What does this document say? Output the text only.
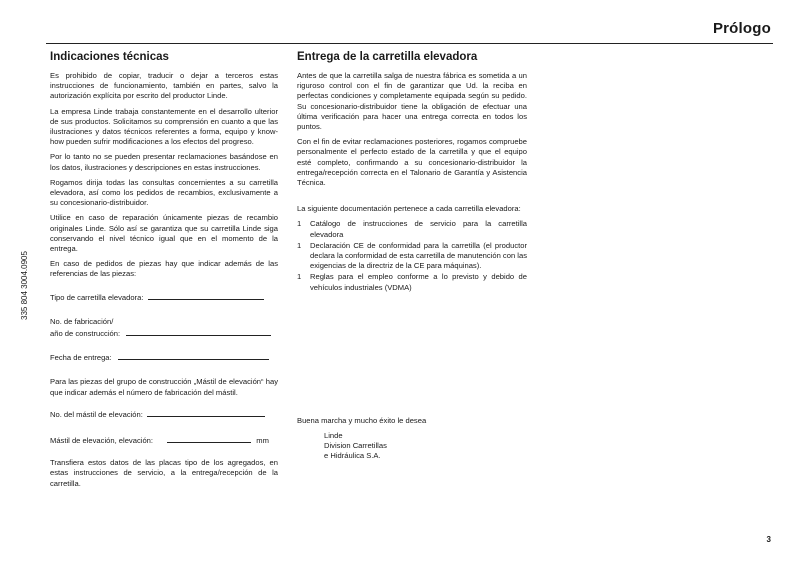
Prólogo
335 804 3004.0905
Indicaciones técnicas

Es prohibido de copiar, traducir o dejar a terceros estas instrucciones de funcionamiento, también en partes, salvo la autorización explícita por escrito del productor Linde.

La empresa Linde trabaja constantemente en el desarrollo ulterior de sus productos. Solicitamos su comprensión en cuanto a que las ilustraciones y datos técnicos referentes a forma, equipo y know-how pueden sufrir modificaciones a los efectos del progreso.

Por lo tanto no se pueden presentar reclamaciones basándose en los datos, ilustraciones y descripciones en estas instrucciones.

Rogamos dirija todas las consultas concernientes a su carretilla elevadora, así como los pedidos de recambios, exclusivamente a su concesionario-distribuidor.

Utilice en caso de reparación únicamente piezas de recambio originales Linde. Sólo así se garantiza que su carretilla Linde siga conservando el nivel técnico igual que en el momento de la entrega.

En caso de pedidos de piezas hay que indicar además de las referencias de las piezas:

Tipo de carretilla elevadora:
No. de fabricación/
año de construcción:
Fecha de entrega:

Para las piezas del grupo de construcción „Mástil de elevación“ hay que indicar además el número de fabricación del mástil.

No. del mástil de elevación:
Mástil de elevación, elevación:	mm

Transfiera estos datos de las placas tipo de los agregados, en estas instrucciones de servicio, a la entrega/recepción de la carretilla.

Entrega de la carretilla elevadora

Antes de que la carretilla salga de nuestra fábrica es sometida a un riguroso control con el fin de garantizar que Ud. la reciba en perfectas condiciones y completamente equipada según su pedido. Su concesionario-distribuidor tiene la obligación de efectuar una última verificación para hacer una entrega correcta en todos los puntos.

Con el fin de evitar reclamaciones posteriores, rogamos compruebe personalmente el perfecto estado de la carretilla y que el equipo esté completo, confirmando a su concesionario-distribuidor la entrega/recepción correcta en el Talonario de Garantía y Asistencia Técnica.

La siguiente documentación pertenece a cada carretilla elevadora:

1 Catálogo de instrucciones de servicio para la carretilla elevadora
1 Declaración CE de conformidad para la carretilla (el productor declara la conformidad de esta carretilla de manutención con las exigencias de la directriz de la CE para máquinas).
1 Reglas para el empleo conforme a lo previsto y debido de vehículos industriales (VDMA)

Buena marcha y mucho éxito le desea

Linde
Division Carretillas
e Hidráulica S.A.
3
